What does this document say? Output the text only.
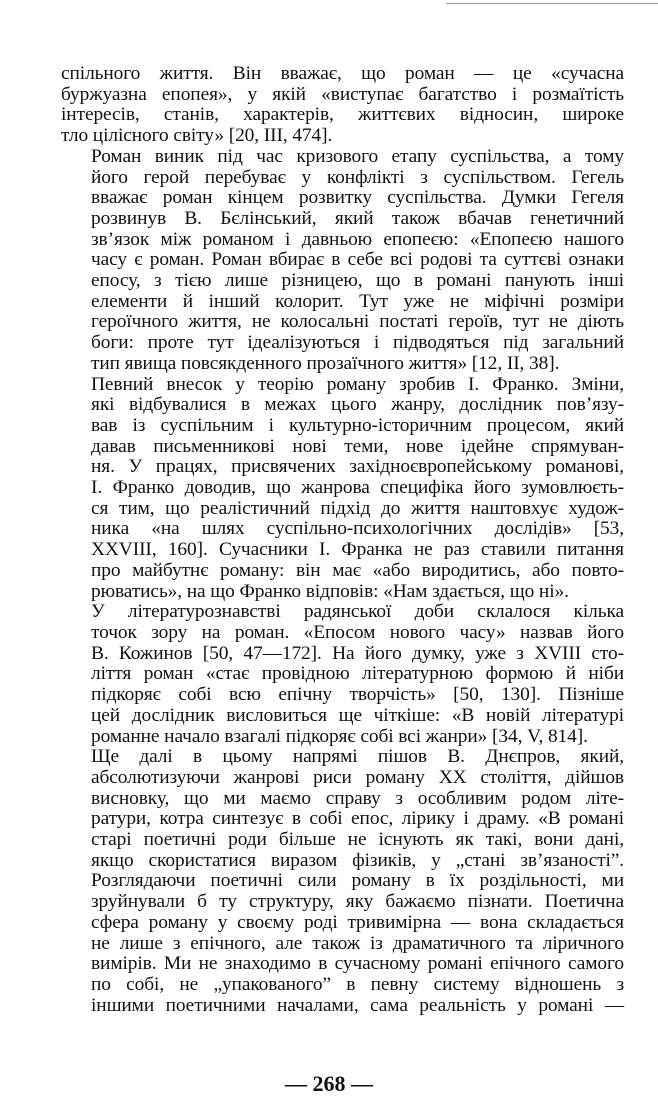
спільного життя. Він вважає, що роман — це «сучасна
буржуазна епопея», у якій «виступає багатство і розмаїтість
інтересів, станів, характерів, життєвих відносин, широке
тло цілісного світу» [20, III, 474].
Роман виник під час кризового етапу суспільства, а тому
його герой перебуває у конфлікті з суспільством. Гегель
вважає роман кінцем розвитку суспільства. Думки Гегеля
розвинув В. Бєлінський, який також вбачав генетичний
зв’язок між романом і давньою епопеєю: «Епопеєю нашого
часу є роман. Роман вбирає в себе всі родові та суттєві ознаки
епосу, з тією лише різницею, що в романі панують інші
елементи й інший колорит. Тут уже не міфічні розміри
героїчного життя, не колосальні постаті героїв, тут не діють
боги: проте тут ідеалізуються і підводяться під загальний
тип явища повсякденного прозаїчного життя» [12, II, 38].
Певний внесок у теорію роману зробив І. Франко. Зміни,
які відбувалися в межах цього жанру, дослідник пов’язу-
вав із суспільним і культурно-історичним процесом, який
давав письменникові нові теми, нове ідейне спрямуван-
ня. У працях, присвячених західноєвропейському романові,
І. Франко доводив, що жанрова специфіка його зумовлюєть-
ся тим, що реалістичний підхід до життя наштовхує худож-
ника «на шлях суспільно-психологічних дослідів» [53,
XXVIII, 160]. Сучасники І. Франка не раз ставили питання
про майбутнє роману: він має «або виродитись, або повто-
рюватись», на що Франко відповів: «Нам здається, що ні».
У літературознавстві радянської доби склалося кілька
точок зору на роман. «Епосом нового часу» назвав його
В. Кожинов [50, 47—172]. На його думку, уже з XVIII сто-
ліття роман «стає провідною літературною формою й ніби
підкоряє собі всю епічну творчість» [50, 130]. Пізніше
цей дослідник висловиться ще чіткіше: «В новій літературі
романне начало взагалі підкоряє собі всі жанри» [34, V, 814].
Ще далі в цьому напрямі пішов В. Днєпров, який,
абсолютизуючи жанрові риси роману XX століття, дійшов
висновку, що ми маємо справу з особливим родом літе-
ратури, котра синтезує в собі епос, лірику і драму. «В романі
старі поетичні роди більше не існують як такі, вони дані,
якщо скористатися виразом фізиків, у „стані зв’язаності”.
Розглядаючи поетичні сили роману в їх роздільності, ми
зруйнували б ту структуру, яку бажаємо пізнати. Поетична
сфера роману у своєму роді тривимірна — вона складається
не лише з епічного, але також із драматичного та ліричного
вимірів. Ми не знаходимо в сучасному романі епічного самого
по собі, не „упакованого” в певну систему відношень з
іншими поетичними началами, сама реальність у романі —
— 268 —
